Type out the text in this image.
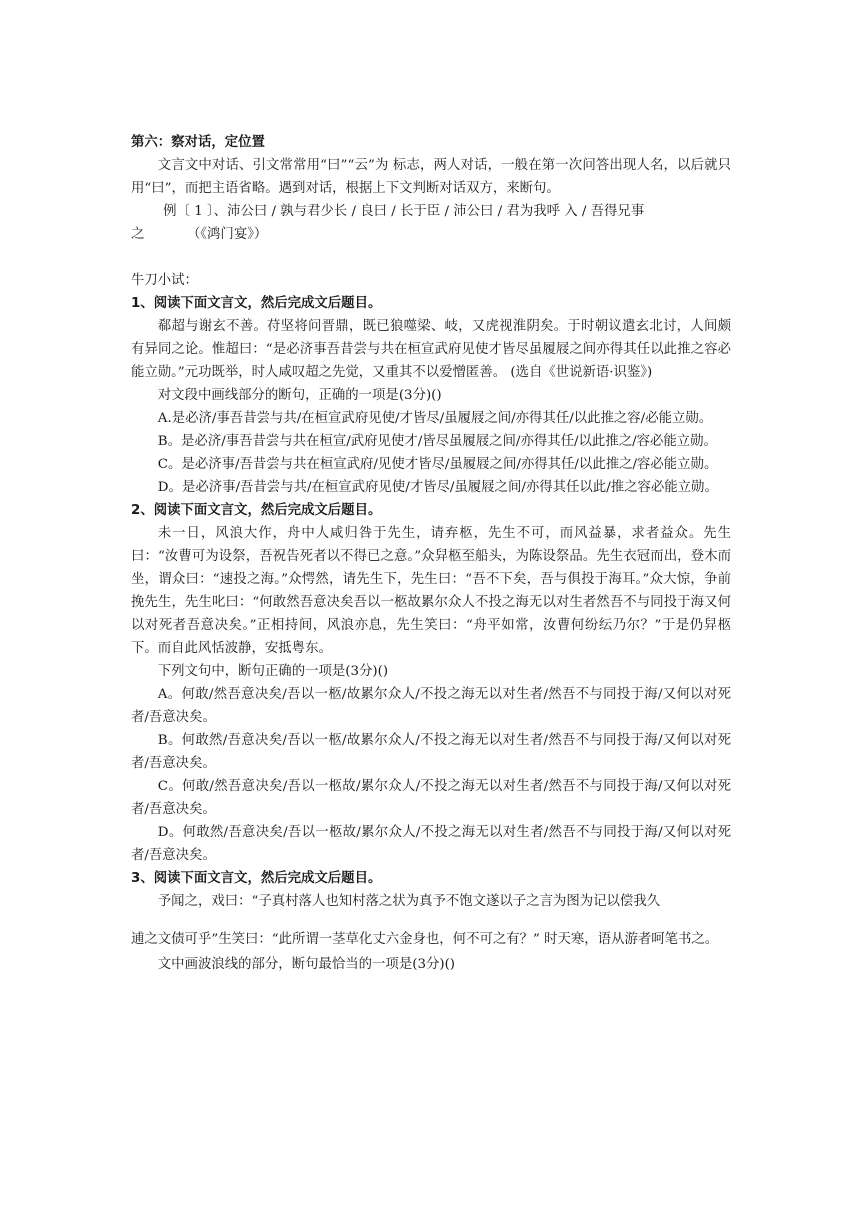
第六：察对话，定位置
文言文中对话、引文常常用“曰”“云”为 标志，两人对话，一般在第一次问答出现人名，以后就只用“曰”，而把主语省略。遇到对话，根据上下文判断对话双方，来断句。
例〔 1 〕、沛公曰 / 孰与君少长 / 良曰 / 长于臣 / 沛公曰 / 君为我呼 入 / 吾得兄事
之          （《鸿门宴》）
牛刀小试：
1、阅读下面文言文，然后完成文后题目。
郗超与谢玄不善。苻坚将问晋鼎，既已狼噬梁、岐，又虎视淮阴矣。于时朝议遣玄北讨，人间颇有异同之论。惟超曰：“是必济事吾昔尝与共在桓宣武府见使才皆尽虽履屐之间亦得其任以此推之容必能立勋。”元功既举，时人咸叹超之先觉，又重其不以爱憎匿善。 (选自《世说新语·识鉴》)
对文段中画线部分的断句，正确的一项是(3分)()
A.是必济/事吾昔尝与共/在桓宣武府见使/才皆尽/虽履屐之间/亦得其任/以此推之容/必能立勋。
B。是必济/事吾昔尝与共在桓宣/武府见使才/皆尽虽履屐之间/亦得其任/以此推之/容必能立勋。
C。是必济事/吾昔尝与共在桓宣武府/见使才皆尽/虽履屐之间/亦得其任/以此推之/容必能立勋。
D。是必济事/吾昔尝与共/在桓宣武府见使/才皆尽/虽履屐之间/亦得其任以此/推之容必能立勋。
2、阅读下面文言文，然后完成文后题目。
未一日，风浪大作，舟中人咸归咎于先生，请弃柩，先生不可，而风益暴，求者益众。先生曰：“汝曹可为设祭，吾祝告死者以不得已之意。”众舁柩至船头，为陈设祭品。先生衣冠而出，登木而坐，谓众曰：“速投之海。”众愕然，请先生下，先生曰：“吾不下矣，吾与俱投于海耳。”众大惊，争前挽先生，先生叱曰：“何敢然吾意决矣吾以一柩故累尔众人不投之海无以对生者然吾不与同投于海又何以对死者吾意决矣。”正相持间，风浪亦息，先生笑曰：“舟平如常，汝曹何纷纭乃尔？”于是仍舁柩下。而自此风恬波静，安抵粤东。
下列文句中，断句正确的一项是(3分)()
A。何敢/然吾意决矣/吾以一柩/故累尔众人/不投之海无以对生者/然吾不与同投于海/又何以对死者/吾意决矣。
B。何敢然/吾意决矣/吾以一柩/故累尔众人/不投之海无以对生者/然吾不与同投于海/又何以对死者/吾意决矣。
C。何敢/然吾意决矣/吾以一柩故/累尔众人/不投之海无以对生者/然吾不与同投于海/又何以对死者/吾意决矣。
D。何敢然/吾意决矣/吾以一柩故/累尔众人/不投之海无以对生者/然吾不与同投于海/又何以对死者/吾意决矣。
3、阅读下面文言文，然后完成文后题目。
予闻之，戏曰：“子真村落人也知村落之状为真予不饱文遂以子之言为图为记以偿我久
逋之文债可乎”生笑曰：“此所谓一茎草化丈六金身也，何不可之有？” 时天寒，语从游者呵笔书之。
文中画波浪线的部分，断句最恰当的一项是(3分)()
